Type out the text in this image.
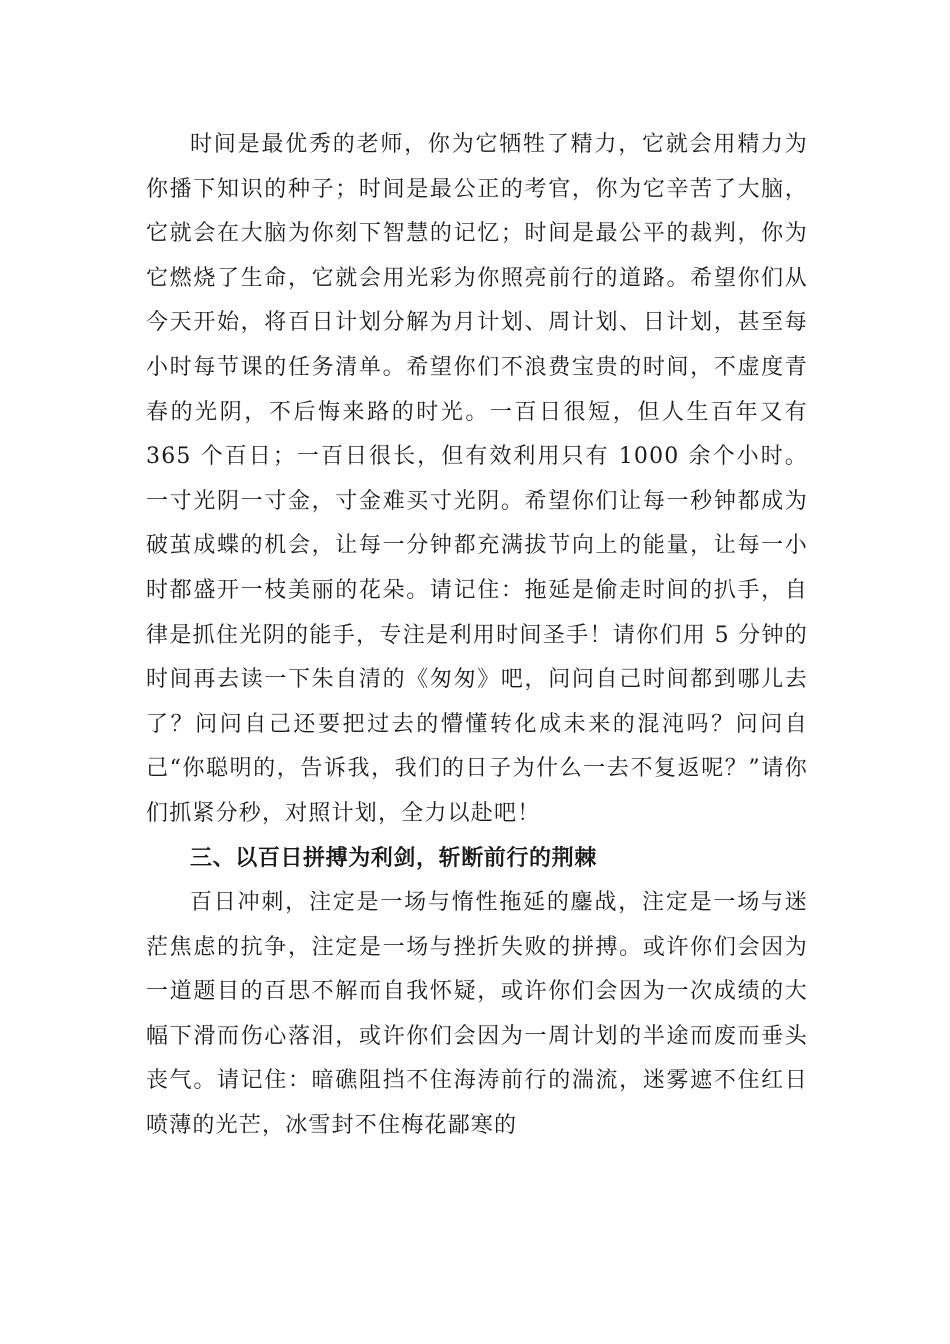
时间是最优秀的老师，你为它牺牲了精力，它就会用精力为你播下知识的种子；时间是最公正的考官，你为它辛苦了大脑，它就会在大脑为你刻下智慧的记忆；时间是最公平的裁判，你为它燃烧了生命，它就会用光彩为你照亮前行的道路。希望你们从今天开始，将百日计划分解为月计划、周计划、日计划，甚至每小时每节课的任务清单。希望你们不浪费宝贵的时间，不虚度青春的光阴，不后悔来路的时光。一百日很短，但人生百年又有 365 个百日；一百日很长，但有效利用只有 1000 余个小时。一寸光阴一寸金，寸金难买寸光阴。希望你们让每一秒钟都成为破茧成蝶的机会，让每一分钟都充满拔节向上的能量，让每一小时都盛开一枝美丽的花朵。请记住：拖延是偷走时间的扒手，自律是抓住光阴的能手，专注是利用时间圣手！请你们用 5 分钟的时间再去读一下朱自清的《匆匆》吧，问问自己时间都到哪儿去了？问问自己还要把过去的懵懂转化成未来的混沌吗？问问自己“你聪明的，告诉我，我们的日子为什么一去不复返呢？”请你们抓紧分秒，对照计划，全力以赴吧！

三、以百日拼搏为利剑，斩断前行的荆棘

百日冲刺，注定是一场与惰性拖延的鏖战，注定是一场与迷茫焦虑的抗争，注定是一场与挫折失败的拼搏。或许你们会因为一道题目的百思不解而自我怀疑，或许你们会因为一次成绩的大幅下滑而伤心落泪，或许你们会因为一周计划的半途而废而垂头丧气。请记住：暗礁阻挡不住海涛前行的湍流，迷雾遮不住红日喷薄的光芒，冰雪封不住梅花鄙寒的
